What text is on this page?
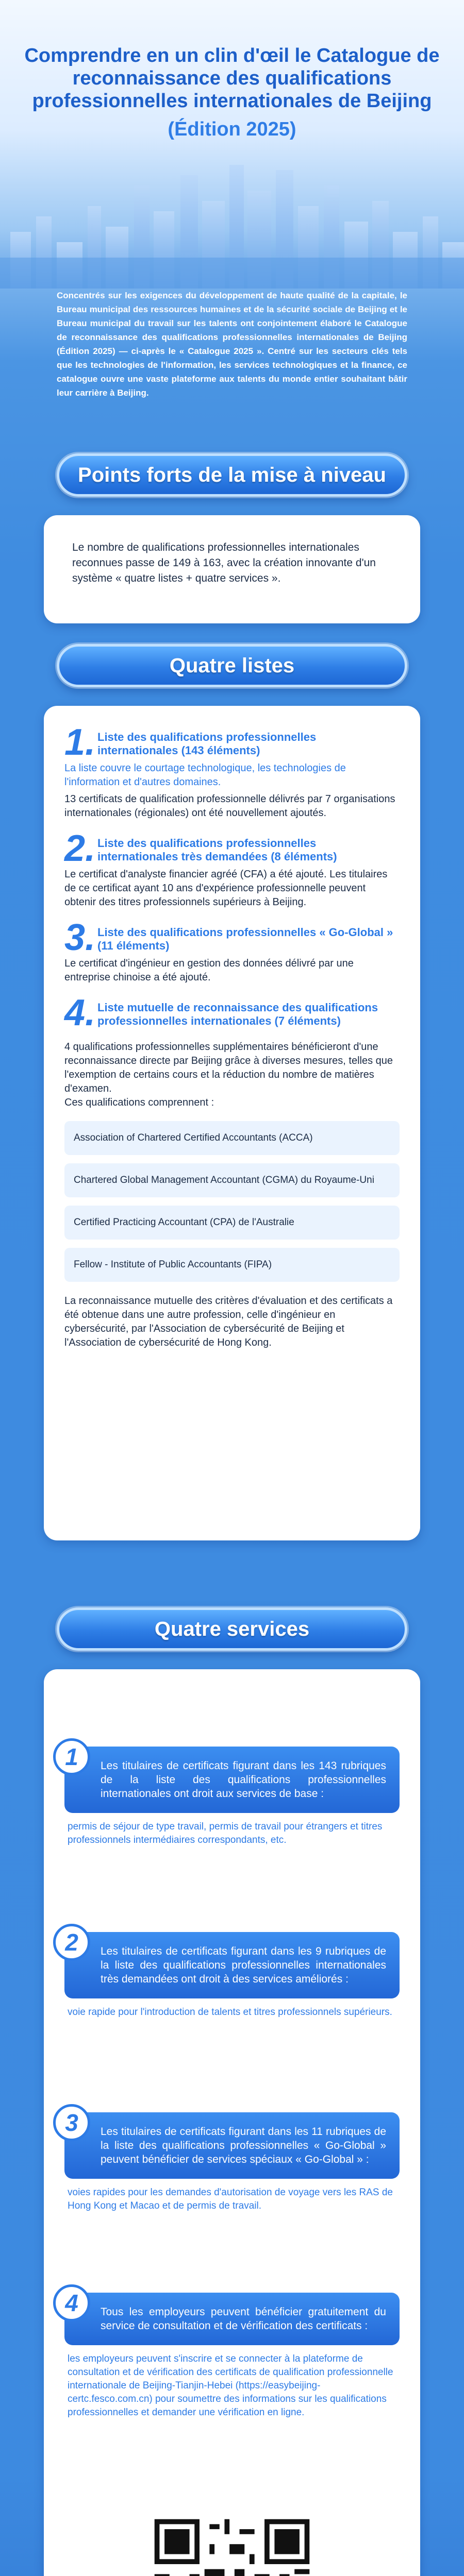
Comprendre en un clin d'œil le Catalogue de reconnaissance des qualifications professionnelles internationales de Beijing
(Édition 2025)

Concentrés sur les exigences du développement de haute qualité de la capitale, le Bureau municipal des ressources humaines et de la sécurité sociale de Beijing et le Bureau municipal du travail sur les talents ont conjointement élaboré le Catalogue de reconnaissance des qualifications professionnelles internationales de Beijing (Édition 2025) — ci-après le « Catalogue 2025 ». Centré sur les secteurs clés tels que les technologies de l'information, les services technologiques et la finance, ce catalogue ouvre une vaste plateforme aux talents du monde entier souhaitant bâtir leur carrière à Beijing.

Points forts de la mise à niveau

Le nombre de qualifications professionnelles internationales reconnues passe de 149 à 163, avec la création innovante d'un système « quatre listes + quatre services ».

Quatre listes
1. Liste des qualifications professionnelles internationales (143 éléments)

La liste couvre le courtage technologique, les technologies de l'information et d'autres domaines.

13 certificats de qualification professionnelle délivrés par 7 organisations internationales (régionales) ont été nouvellement ajoutés.

2. Liste des qualifications professionnelles internationales très demandées (8 éléments)

Le certificat d'analyste financier agréé (CFA) a été ajouté. Les titulaires de ce certificat ayant 10 ans d'expérience professionnelle peuvent obtenir des titres professionnels supérieurs à Beijing.

3. Liste des qualifications professionnelles « Go-Global » (11 éléments)

Le certificat d'ingénieur en gestion des données délivré par une entreprise chinoise a été ajouté.

4. Liste mutuelle de reconnaissance des qualifications professionnelles internationales (7 éléments)

4 qualifications professionnelles supplémentaires bénéficieront d'une reconnaissance directe par Beijing grâce à diverses mesures, telles que l'exemption de certains cours et la réduction du nombre de matières d'examen.

Ces qualifications comprennent :

Association of Chartered Certified Accountants (ACCA)
Chartered Global Management Accountant (CGMA) du Royaume-Uni
Certified Practicing Accountant (CPA) de l'Australie
Fellow - Institute of Public Accountants (FIPA)

La reconnaissance mutuelle des critères d'évaluation et des certificats a été obtenue dans une autre profession, celle d'ingénieur en cybersécurité, par l'Association de cybersécurité de Beijing et l'Association de cybersécurité de Hong Kong.

Quatre services
1	Les titulaires de certificats figurant dans les 143 rubriques de la liste des qualifications professionnelles internationales ont droit aux services de base :

permis de séjour de type travail, permis de travail pour étrangers et titres professionnels intermédiaires correspondants, etc.

2	Les titulaires de certificats figurant dans les 9 rubriques de la liste des qualifications professionnelles internationales très demandées ont droit à des services améliorés :

voie rapide pour l'introduction de talents et titres professionnels supérieurs.

3	Les titulaires de certificats figurant dans les 11 rubriques de la liste des qualifications professionnelles « Go-Global » peuvent bénéficier de services spéciaux « Go-Global » :

voies rapides pour les demandes d'autorisation de voyage vers les RAS de Hong Kong et Macao et de permis de travail.

4	Tous les employeurs peuvent bénéficier gratuitement du service de consultation et de vérification des certificats :

les employeurs peuvent s'inscrire et se connecter à la plateforme de consultation et de vérification des certificats de qualification professionnelle internationale de Beijing-Tianjin-Hebei (https://easybeijing-certc.fesco.com.cn) pour soumettre des informations sur les qualifications professionnelles et demander une vérification en ligne.
